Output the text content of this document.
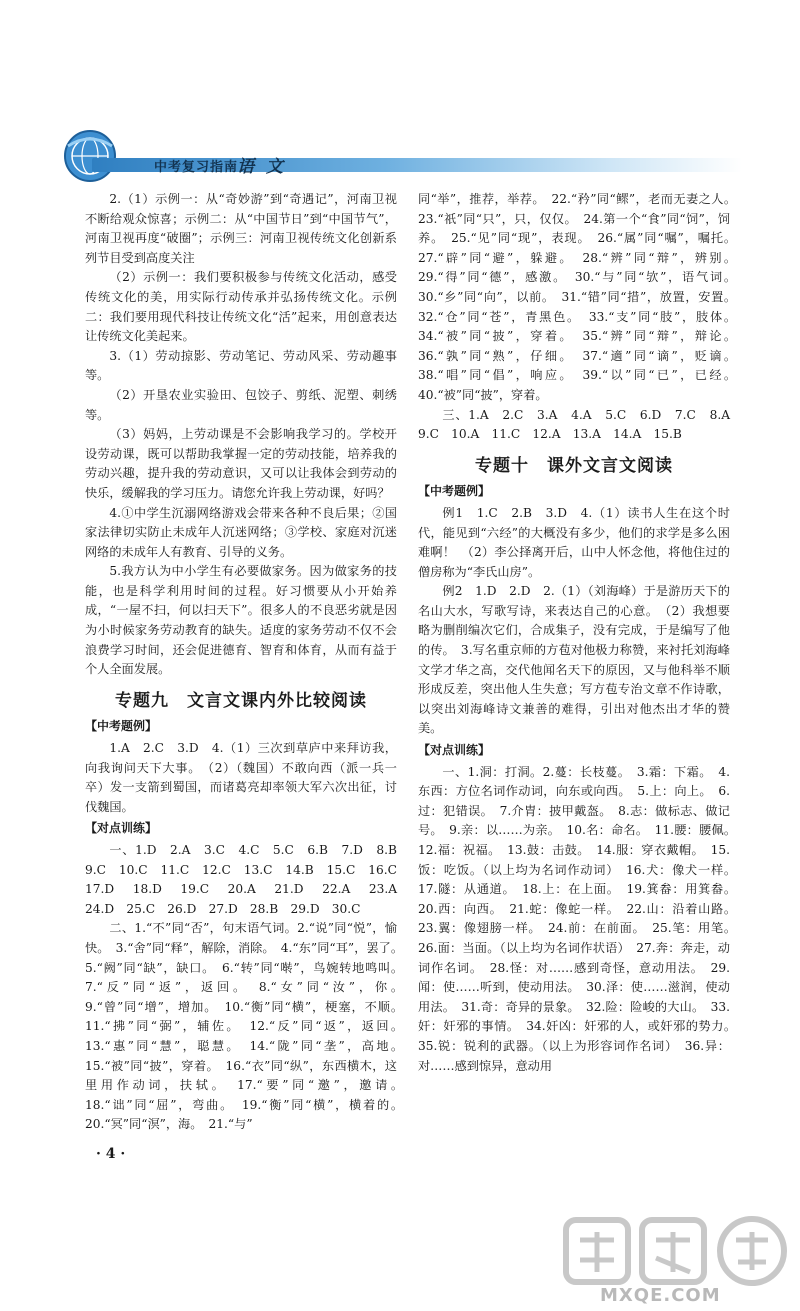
中考复习指南
语 文

2.（1）示例一：从“奇妙游”到“奇遇记”，河南卫视不断给观众惊喜；示例二：从“中国节日”到“中国节气”，河南卫视再度“破圈”；示例三：河南卫视传统文化创新系列节目受到高度关注

（2）示例一：我们要积极参与传统文化活动，感受传统文化的美，用实际行动传承并弘扬传统文化。示例二：我们要用现代科技让传统文化“活”起来，用创意表达让传统文化美起来。

3.（1）劳动掠影、劳动笔记、劳动风采、劳动趣事等。

（2）开垦农业实验田、包饺子、剪纸、泥塑、刺绣等。

（3）妈妈，上劳动课是不会影响我学习的。学校开设劳动课，既可以帮助我掌握一定的劳动技能，培养我的劳动兴趣，提升我的劳动意识，又可以让我体会到劳动的快乐，缓解我的学习压力。请您允许我上劳动课，好吗？

4.①中学生沉溺网络游戏会带来各种不良后果；②国家法律切实防止未成年人沉迷网络；③学校、家庭对沉迷网络的未成年人有教育、引导的义务。

5.我方认为中小学生有必要做家务。因为做家务的技能，也是科学利用时间的过程。好习惯要从小开始养成，“一屋不扫，何以扫天下”。很多人的不良恶劣就是因为小时候家务劳动教育的缺失。适度的家务劳动不仅不会浪费学习时间，还会促进德育、智育和体育，从而有益于个人全面发展。

专题九　文言文课内外比较阅读
【中考题例】

1.A　2.C　3.D　4.（1）三次到草庐中来拜访我，向我询问天下大事。　（2）（魏国）不敢向西（派一兵一卒）发一支箭到蜀国，而诸葛亮却率领大军六次出征，讨伐魏国。

【对点训练】

一、1.D　2.A　3.C　4.C　5.C　6.B　7.D　8.B　9.C　10.C　11.C　12.C　13.C　14.B　15.C　16.C　17.D　18.D　19.C　20.A　21.D　22.A　23.A　24.D　25.C　26.D　27.D　28.B　29.D　30.C

二、1.“不”同“否”，句末语气词。2.“说”同“悦”，愉快。　3.“舍”同“释”，解除，消除。　4.“东”同“耳”，罢了。　5.“阙”同“缺”，缺口。　6.“转”同“啭”，鸟婉转地鸣叫。　7.“反”同“返”，返回。　8.“女”同“汝”，你。　9.“曾”同“增”，增加。　10.“衡”同“横”，梗塞，不顺。　11.“拂”同“弼”，辅佐。　12.“反”同“返”，返回。　13.“惠”同“慧”，聪慧。　14.“陇”同“垄”，高地。　15.“被”同“披”，穿着。　16.“衣”同“纵”，东西横木，这里用作动词，扶轼。　17.“要”同“邀”，邀请。　18.“诎”同“屈”，弯曲。　19.“衡”同“横”，横着的。　20.“冥”同“溟”，海。　21.“与”

同“举”，推荐，举荐。　22.“矜”同“鳏”，老而无妻之人。　23.“祇”同“只”，只，仅仅。　24.第一个“食”同“饲”，饲养。　25.“见”同“现”，表现。　26.“属”同“嘱”，嘱托。　27.“辟”同“避”，躲避。　28.“辨”同“辩”，辨别。　29.“得”同“德”，感激。　30.“与”同“欤”，语气词。　30.“乡”同“向”，以前。　31.“错”同“措”，放置，安置。　32.“仓”同“苍”，青黑色。　33.“支”同“肢”，肢体。　34.“被”同“披”，穿着。　35.“辨”同“辩”，辩论。　36.“孰”同“熟”，仔细。　37.“適”同“谪”，贬谪。　38.“唱”同“倡”，响应。　39.“以”同“已”，已经。　40.“被”同“披”，穿着。

三、1.A　2.C　3.A　4.A　5.C　6.D　7.C　8.A　9.C　10.A　11.C　12.A　13.A　14.A　15.B

专题十　课外文言文阅读
【中考题例】

例1　1.C　2.B　3.D　4.（1）读书人生在这个时代，能见到“六经”的大概没有多少，他们的求学是多么困难啊！　（2）李公择离开后，山中人怀念他，将他住过的僧房称为“李氏山房”。

例2　1.D　2.D　2.（1）（刘海峰）于是游历天下的名山大水，写歌写诗，来表达自己的心意。　（2）我想要略为删削编次它们，合成集子，没有完成，于是编写了他的传。　3.写名重京师的方苞对他极力称赞，来衬托刘海峰文学才华之高，交代他闻名天下的原因，又与他科举不顺形成反差，突出他人生失意；写方苞专治文章不作诗歌，以突出刘海峰诗文兼善的难得，引出对他杰出才华的赞美。

【对点训练】

一、1.洞：打洞。2.蔓：长枝蔓。　3.霜：下霜。　4.东西：方位名词作动词，向东或向西。　5.上：向上。　6.过：犯错误。　7.介胄：披甲戴盔。　8.志：做标志、做记号。　9.亲：以……为亲。　10.名：命名。　11.腰：腰佩。　12.福：祝福。　13.鼓：击鼓。　14.服：穿衣戴帽。　15.饭：吃饭。（以上均为名词作动词）　16.犬：像犬一样。　17.隧：从通道。　18.上：在上面。　19.箕畚：用箕畚。　20.西：向西。　21.蛇：像蛇一样。　22.山：沿着山路。　23.翼：像翅膀一样。　24.前：在前面。　25.笔：用笔。　26.面：当面。（以上均为名词作状语）　27.奔：奔走，动词作名词。　28.怪：对……感到奇怪，意动用法。　29.闻：使……听到，使动用法。　30.泽：使……滋润，使动用法。　31.奇：奇异的景象。　32.险：险峻的大山。　33.奸：奸邪的事情。　34.奸凶：奸邪的人，或奸邪的势力。　35.锐：锐利的武器。（以上为形容词作名词）　36.异：对……感到惊异，意动用

· 4 ·
MXQE.COM
